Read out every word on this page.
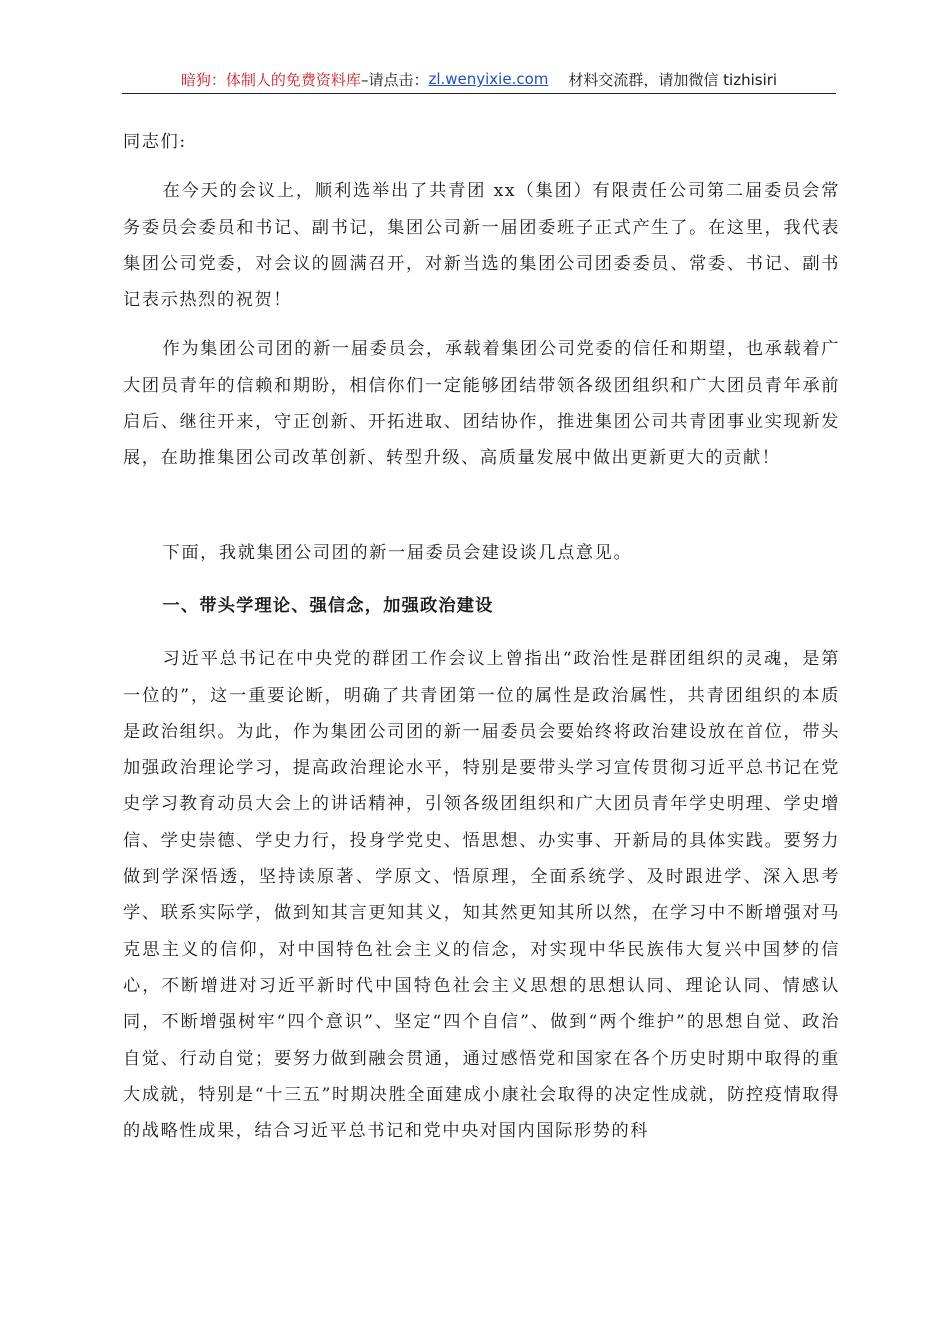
暗狗：体制人的免费资料库 –请点击： zl.wenyixie.com 材料交流群，请加微信 tizhisiri

同志们:

在今天的会议上，顺利选举出了共青团 xx（集团）有限责任公司第二届委员会常务委员会委员和书记、副书记，集团公司新一届团委班子正式产生了。在这里，我代表集团公司党委，对会议的圆满召开，对新当选的集团公司团委委员、常委、书记、副书记表示热烈的祝贺！

作为集团公司团的新一届委员会，承载着集团公司党委的信任和期望，也承载着广大团员青年的信赖和期盼，相信你们一定能够团结带领各级团组织和广大团员青年承前启后、继往开来，守正创新、开拓进取、团结协作，推进集团公司共青团事业实现新发展，在助推集团公司改革创新、转型升级、高质量发展中做出更新更大的贡献！

下面，我就集团公司团的新一届委员会建设谈几点意见。

一、带头学理论、强信念，加强政治建设

习近平总书记在中央党的群团工作会议上曾指出“政治性是群团组织的灵魂，是第一位的”，这一重要论断，明确了共青团第一位的属性是政治属性，共青团组织的本质是政治组织。为此，作为集团公司团的新一届委员会要始终将政治建设放在首位，带头加强政治理论学习，提高政治理论水平，特别是要带头学习宣传贯彻习近平总书记在党史学习教育动员大会上的讲话精神，引领各级团组织和广大团员青年学史明理、学史增信、学史崇德、学史力行，投身学党史、悟思想、办实事、开新局的具体实践。要努力做到学深悟透，坚持读原著、学原文、悟原理，全面系统学、及时跟进学、深入思考学、联系实际学，做到知其言更知其义，知其然更知其所以然，在学习中不断增强对马克思主义的信仰，对中国特色社会主义的信念，对实现中华民族伟大复兴中国梦的信心，不断增进对习近平新时代中国特色社会主义思想的思想认同、理论认同、情感认同，不断增强树牢“四个意识”、坚定“四个自信”、做到“两个维护”的思想自觉、政治自觉、行动自觉；要努力做到融会贯通，通过感悟党和国家在各个历史时期中取得的重大成就，特别是“十三五”时期决胜全面建成小康社会取得的决定性成就，防控疫情取得的战略性成果，结合习近平总书记和党中央对国内国际形势的科
